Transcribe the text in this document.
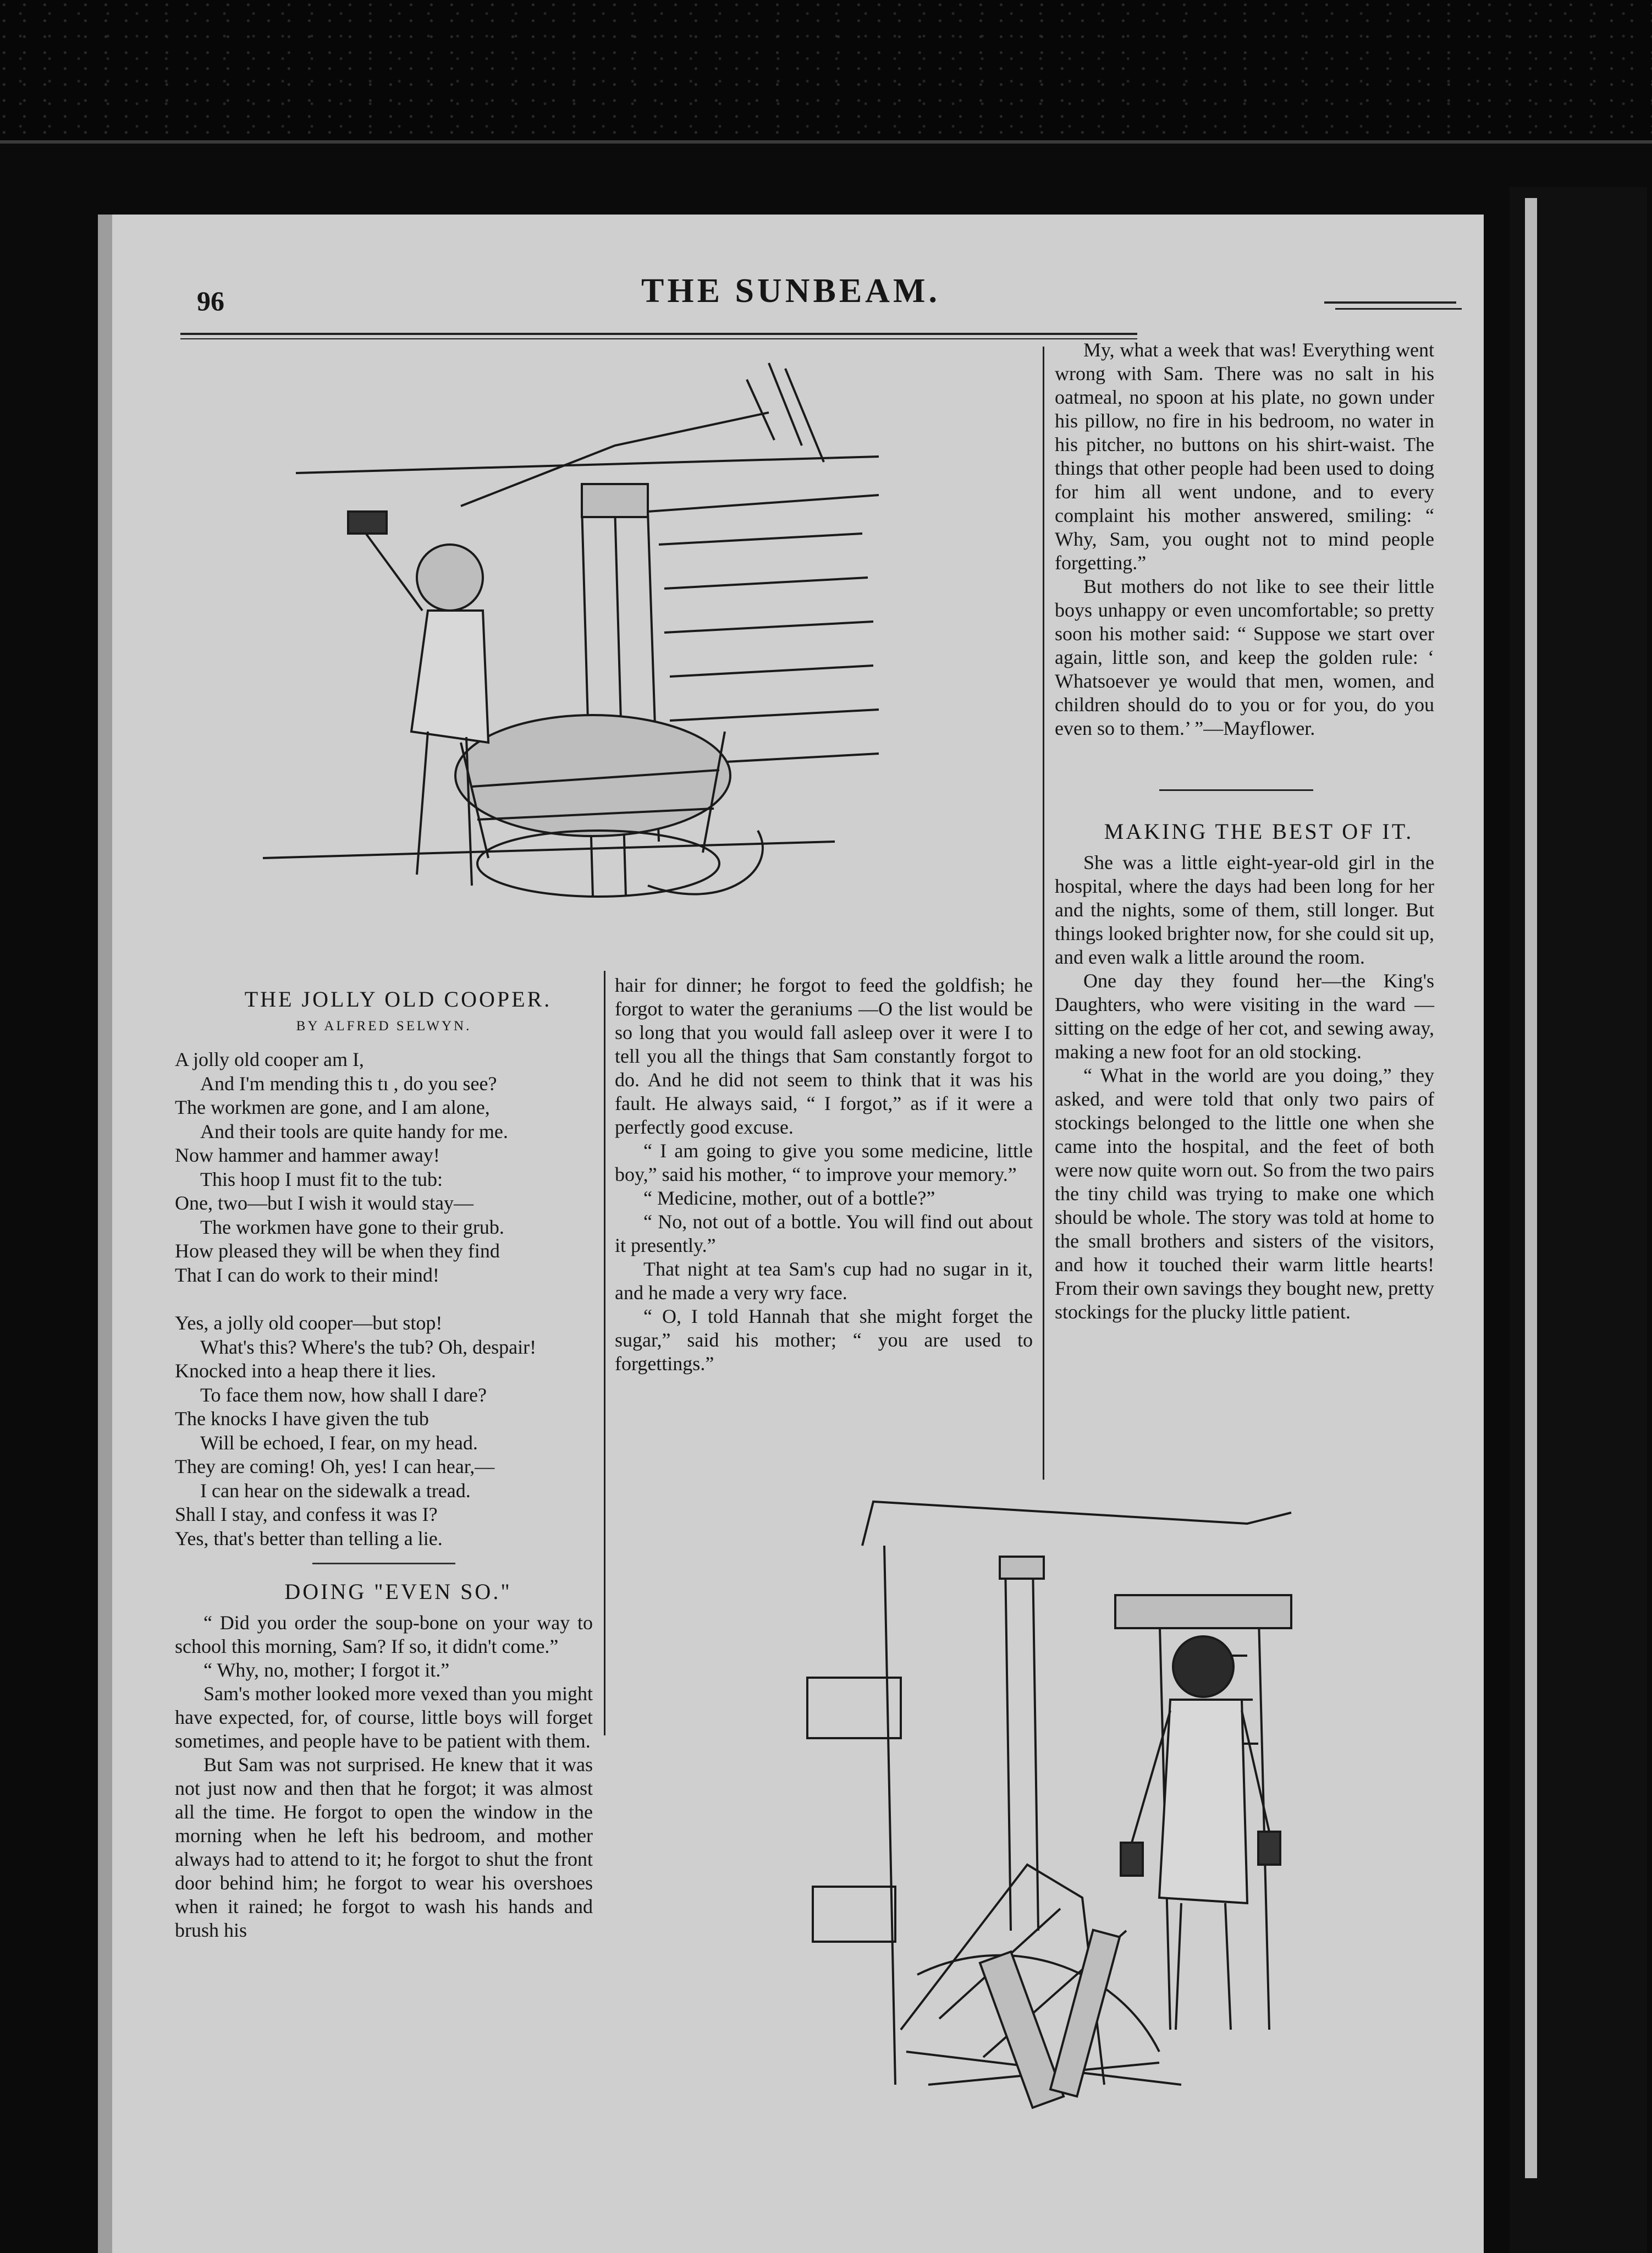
96	THE SUNBEAM.

THE JOLLY OLD COOPER.

BY ALFRED SELWYN.
A jolly old cooper am I,
And I'm mending this tı , do you see?
The workmen are gone, and I am alone,
And their tools are quite handy for me.
Now hammer and hammer away!
This hoop I must fit to the tub:
One, two—but I wish it would stay—
The workmen have gone to their grub.
How pleased they will be when they find
That I can do work to their mind!
Yes, a jolly old cooper—but stop!
What's this? Where's the tub? Oh, despair!
Knocked into a heap there it lies.
To face them now, how shall I dare?
The knocks I have given the tub
Will be echoed, I fear, on my head.
They are coming! Oh, yes! I can hear,—
I can hear on the sidewalk a tread.
Shall I stay, and confess it was I?
Yes, that's better than telling a lie.

DOING "EVEN SO."

“ Did you order the soup-bone on your way to school this morning, Sam? If so, it didn't come.”

“ Why, no, mother; I forgot it.”

Sam's mother looked more vexed than you might have expected, for, of course, little boys will forget sometimes, and people have to be patient with them.

But Sam was not surprised. He knew that it was not just now and then that he forgot; it was almost all the time. He forgot to open the window in the morning when he left his bedroom, and mother always had to attend to it; he forgot to shut the front door behind him; he forgot to wear his overshoes when it rained; he forgot to wash his hands and brush his

hair for dinner; he forgot to feed the goldfish; he forgot to water the geraniums —O the list would be so long that you would fall asleep over it were I to tell you all the things that Sam constantly forgot to do. And he did not seem to think that it was his fault. He always said, “ I forgot,” as if it were a perfectly good excuse.

“ I am going to give you some medicine, little boy,” said his mother, “ to improve your memory.”

“ Medicine, mother, out of a bottle?”

“ No, not out of a bottle. You will find out about it presently.”

That night at tea Sam's cup had no sugar in it, and he made a very wry face.

“ O, I told Hannah that she might forget the sugar,” said his mother; “ you are used to forgettings.”

My, what a week that was! Everything went wrong with Sam. There was no salt in his oatmeal, no spoon at his plate, no gown under his pillow, no fire in his bedroom, no water in his pitcher, no buttons on his shirt-waist. The things that other people had been used to doing for him all went undone, and to every complaint his mother answered, smiling: “ Why, Sam, you ought not to mind people forgetting.”

But mothers do not like to see their little boys unhappy or even uncomfortable; so pretty soon his mother said: “ Suppose we start over again, little son, and keep the golden rule: ‘ Whatsoever ye would that men, women, and children should do to you or for you, do you even so to them.’ ”—Mayflower.

MAKING THE BEST OF IT.

She was a little eight-year-old girl in the hospital, where the days had been long for her and the nights, some of them, still longer. But things looked brighter now, for she could sit up, and even walk a little around the room.

One day they found her—the King's Daughters, who were visiting in the ward —sitting on the edge of her cot, and sewing away, making a new foot for an old stocking.

“ What in the world are you doing,” they asked, and were told that only two pairs of stockings belonged to the little one when she came into the hospital, and the feet of both were now quite worn out. So from the two pairs the tiny child was trying to make one which should be whole. The story was told at home to the small brothers and sisters of the visitors, and how it touched their warm little hearts! From their own savings they bought new, pretty stockings for the plucky little patient.
